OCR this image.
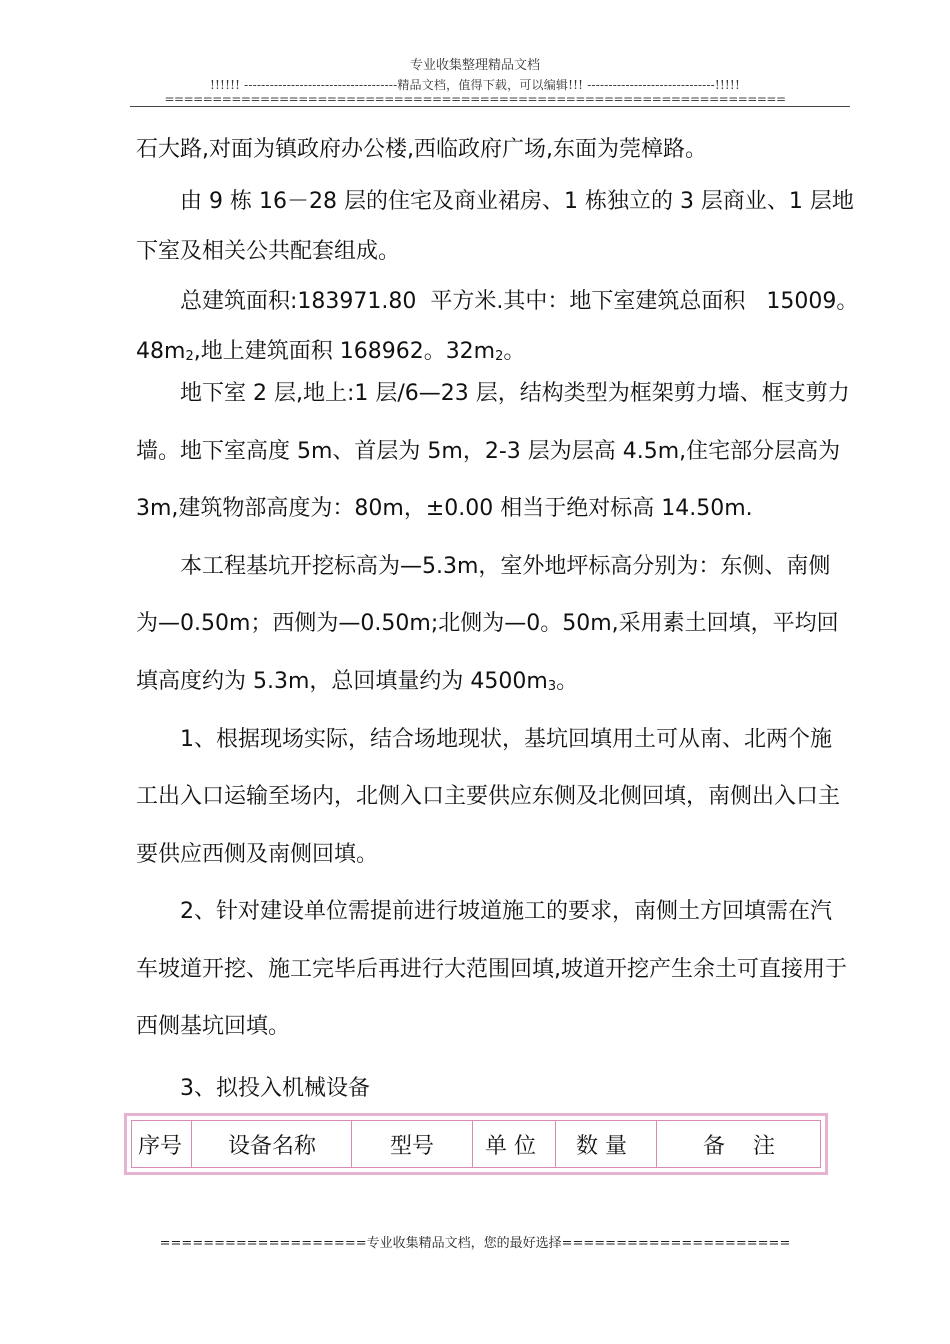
专业收集整理精品文档
!!!!!! ------------------------------------精品文档，值得下载，可以编辑!!! ------------------------------!!!!!
=================================================================
石大路,对面为镇政府办公楼,西临政府广场,东面为莞樟路。
由 9 栋 16－28 层的住宅及商业裙房、1 栋独立的 3 层商业、1 层地
下室及相关公共配套组成。
总建筑面积:183971.80  平方米.其中：地下室建筑总面积   15009。
$48m_2$,地上建筑面积 168962。$32m_2$。
地下室 2 层,地上:1 层/6—23 层，结构类型为框架剪力墙、框支剪力
墙。地下室高度 5m、首层为 5m，2-3 层为层高 4.5m,住宅部分层高为
3m,建筑物部高度为：80m，±0.00 相当于绝对标高 14.50m.
本工程基坑开挖标高为—5.3m，室外地坪标高分别为：东侧、南侧
为—0.50m；西侧为—0.50m;北侧为—0。50m,采用素土回填，平均回
填高度约为 5.3m，总回填量约为 $4500m_3$。
1、根据现场实际，结合场地现状，基坑回填用土可从南、北两个施
工出入口运输至场内，北侧入口主要供应东侧及北侧回填，南侧出入口主
要供应西侧及南侧回填。
2、针对建设单位需提前进行坡道施工的要求，南侧土方回填需在汽
车坡道开挖、施工完毕后再进行大范围回填,坡道开挖产生余土可直接用于
西侧基坑回填。
3、拟投入机械设备
序号	设备名称	型号	单 位	数 量	备    注
===================专业收集精品文档，您的最好选择=====================
